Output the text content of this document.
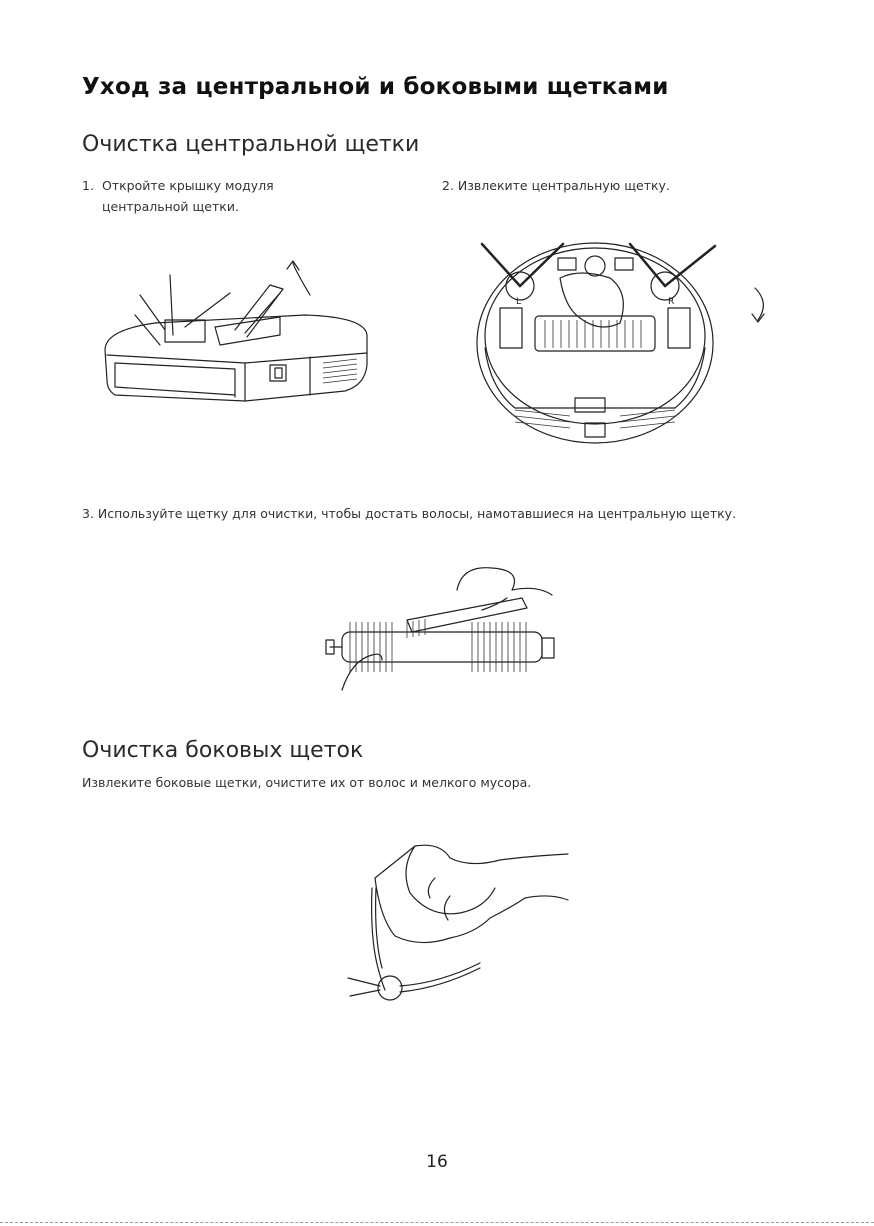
Уход за центральной и боковыми щетками
Очистка центральной щетки
1. Откройте крышку модуля
центральной щетки.
2. Извлеките центральную щетку.
L	R
3. Используйте щетку для очистки, чтобы достать волосы, намотавшиеся на центральную щетку.
Очистка боковых щеток
Извлеките боковые щетки, очистите их от волос и мелкого мусора.
16
